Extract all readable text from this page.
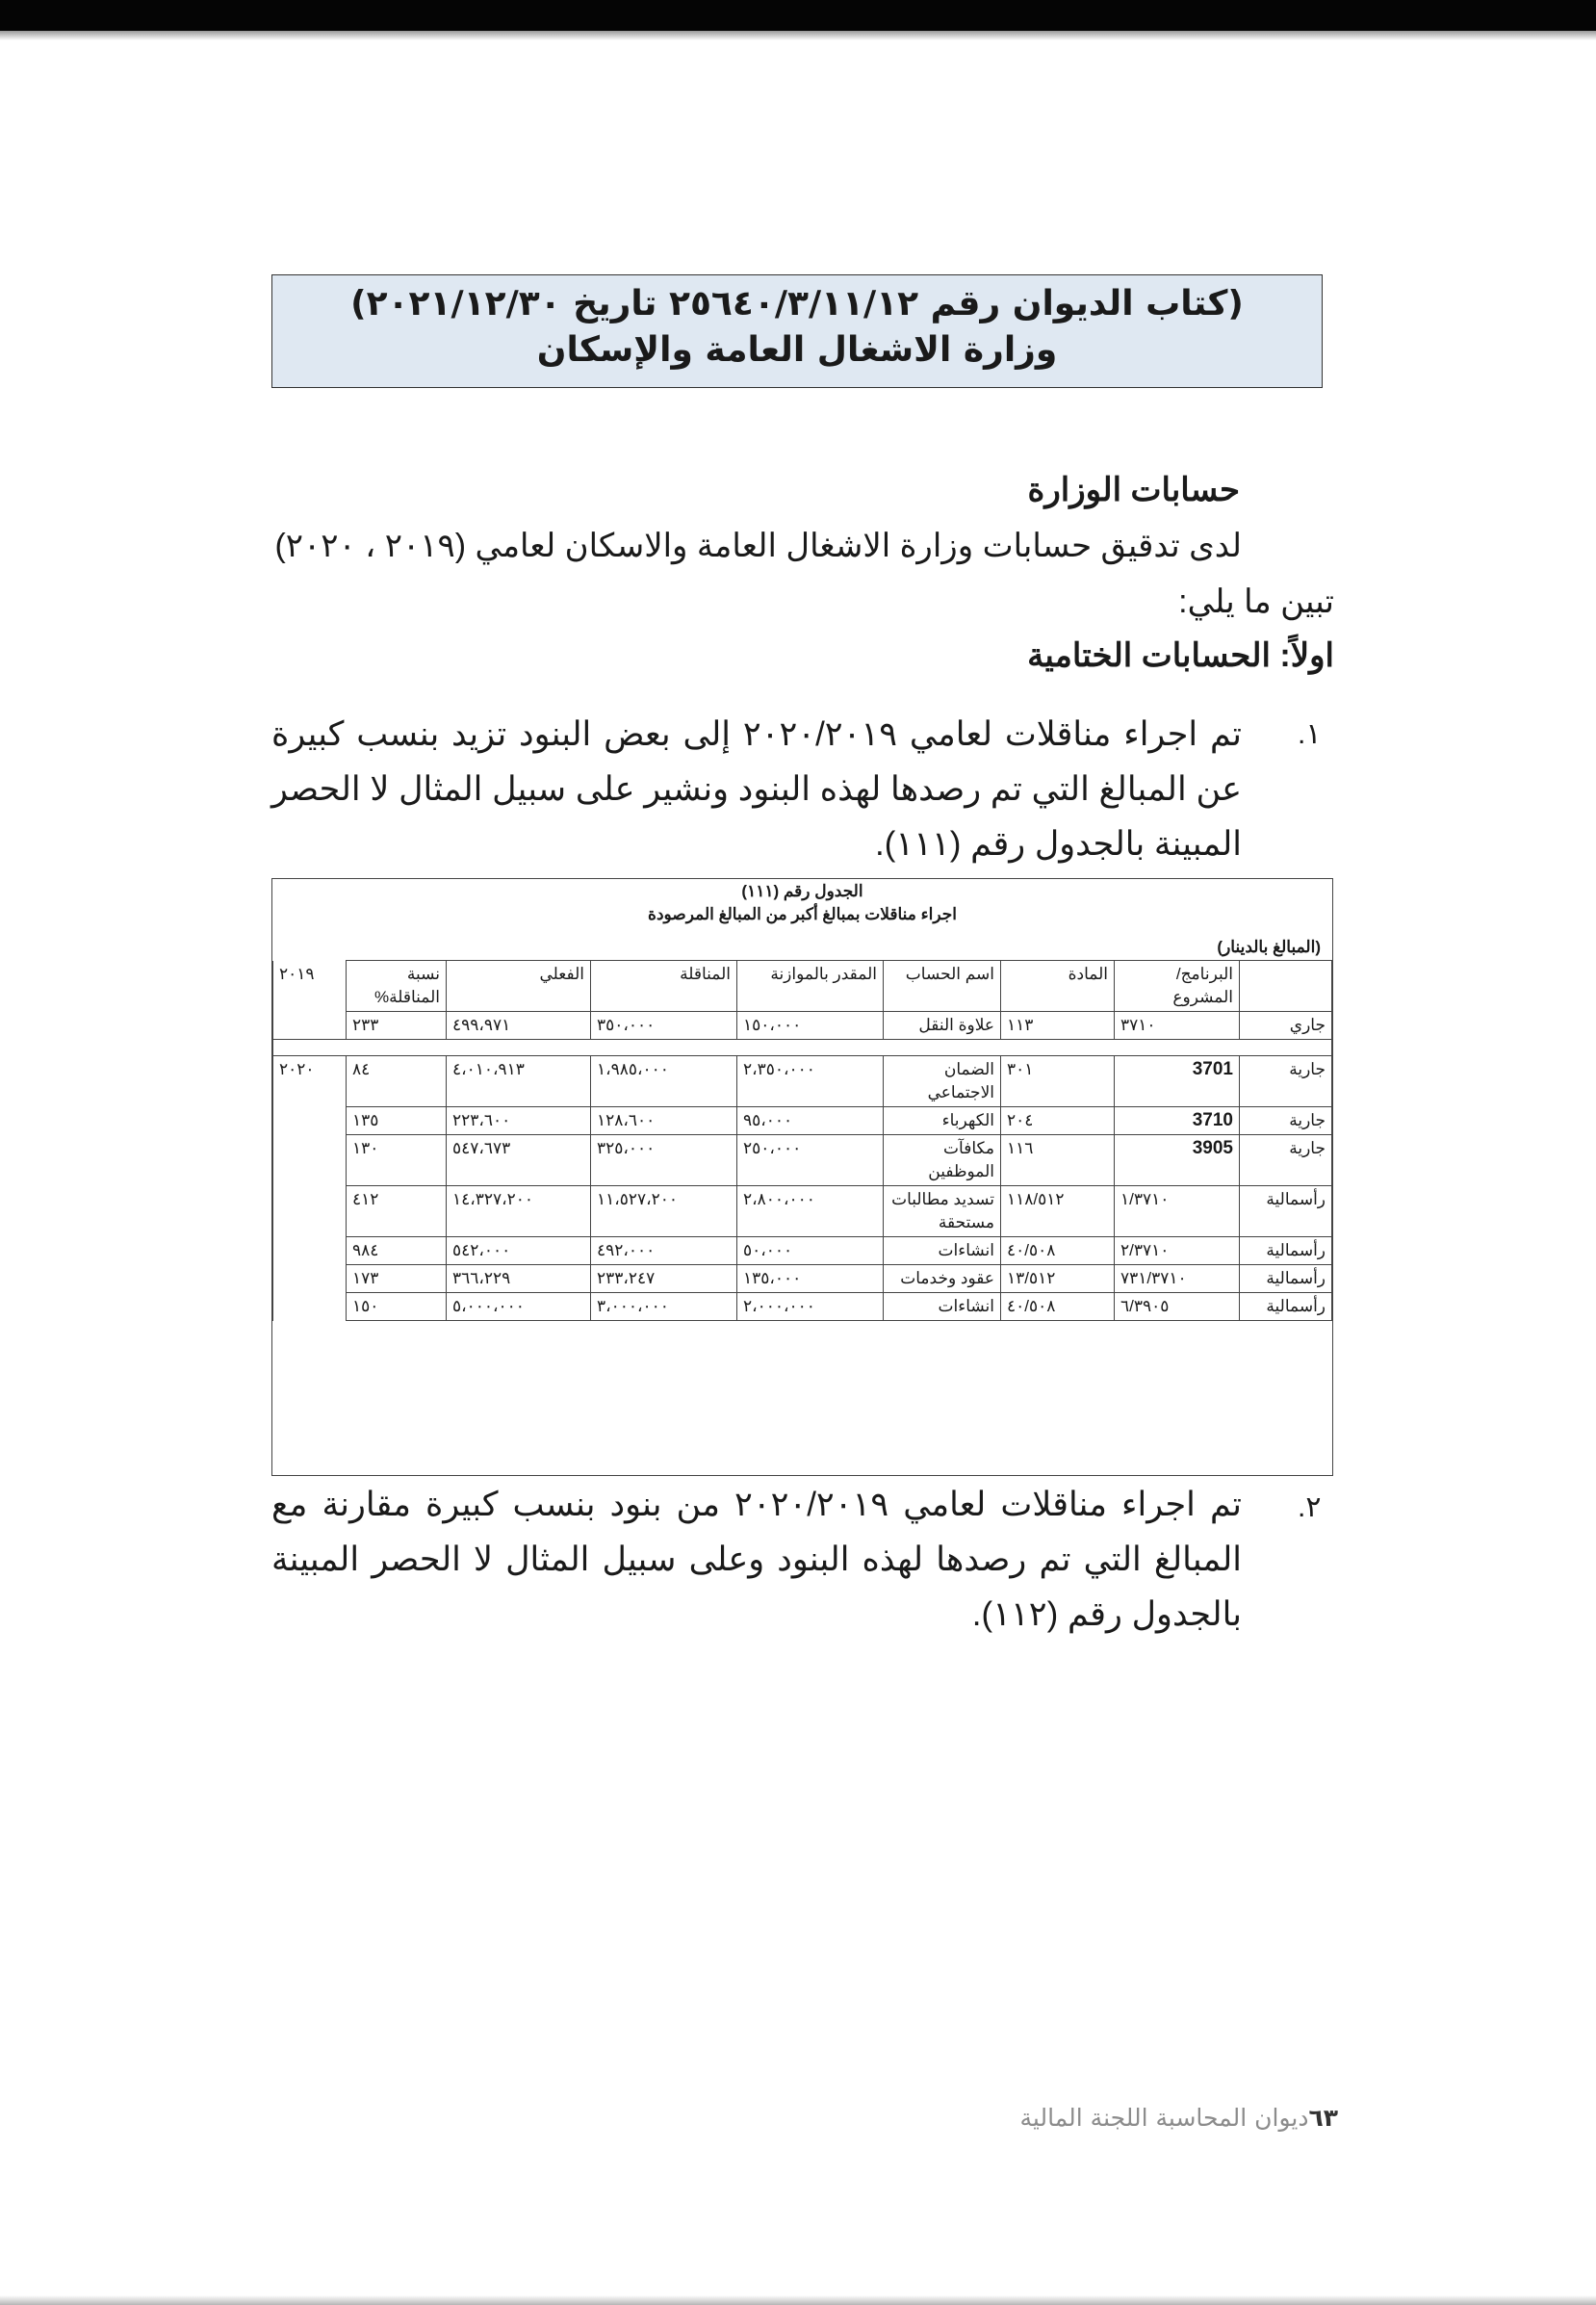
(كتاب الديوان رقم ٢٥٦٤٠/٣/١١/١٢ تاريخ ٢٠٢١/١٢/٣٠)
وزارة الاشغال العامة والإسكان
حسابات الوزارة
لدى تدقيق حسابات وزارة الاشغال العامة والاسكان لعامي (٢٠١٩ ، ٢٠٢٠)
تبين ما يلي:
اولاً: الحسابات الختامية
.١
تم اجراء مناقلات لعامي ٢٠٢٠/٢٠١٩ إلى بعض البنود تزيد بنسب كبيرة عن المبالغ التي تم رصدها لهذه البنود ونشير على سبيل المثال لا الحصر المبينة بالجدول رقم (١١١).
الجدول رقم (١١١)
اجراء مناقلات بمبالغ أكبر من المبالغ المرصودة
(المبالغ بالدينار)
	البرنامج/ المشروع	المادة	اسم الحساب	المقدر بالموازنة	المناقلة	الفعلي	نسبة المناقلة%	٢٠١٩
جاري	٣٧١٠	١١٣	علاوة النقل	١٥٠،٠٠٠	٣٥٠،٠٠٠	٤٩٩،٩٧١	٢٣٣	

جارية	3701	٣٠١	الضمان الاجتماعي	٢،٣٥٠،٠٠٠	١،٩٨٥،٠٠٠	٤،٠١٠،٩١٣	٨٤	٢٠٢٠
جارية	3710	٢٠٤	الكهرباء	٩٥،٠٠٠	١٢٨،٦٠٠	٢٢٣،٦٠٠	١٣٥	
جارية	3905	١١٦	مكافآت الموظفين	٢٥٠،٠٠٠	٣٢٥،٠٠٠	٥٤٧،٦٧٣	١٣٠	
رأسمالية	١/٣٧١٠	١١٨/٥١٢	تسديد مطالبات مستحقة	٢،٨٠٠،٠٠٠	١١،٥٢٧،٢٠٠	١٤،٣٢٧،٢٠٠	٤١٢	
رأسمالية	٢/٣٧١٠	٤٠/٥٠٨	انشاءات	٥٠،٠٠٠	٤٩٢،٠٠٠	٥٤٢،٠٠٠	٩٨٤	
رأسمالية	٧٣١/٣٧١٠	١٣/٥١٢	عقود وخدمات	١٣٥،٠٠٠	٢٣٣،٢٤٧	٣٦٦،٢٢٩	١٧٣	
رأسمالية	٦/٣٩٠٥	٤٠/٥٠٨	انشاءات	٢،٠٠٠،٠٠٠	٣،٠٠٠،٠٠٠	٥،٠٠٠،٠٠٠	١٥٠	
.٢
تم اجراء مناقلات لعامي ٢٠٢٠/٢٠١٩ من بنود بنسب كبيرة مقارنة مع المبالغ التي تم رصدها لهذه البنود وعلى سبيل المثال لا الحصر المبينة بالجدول رقم (١١٢).
٦٣ديوان المحاسبة اللجنة المالية
